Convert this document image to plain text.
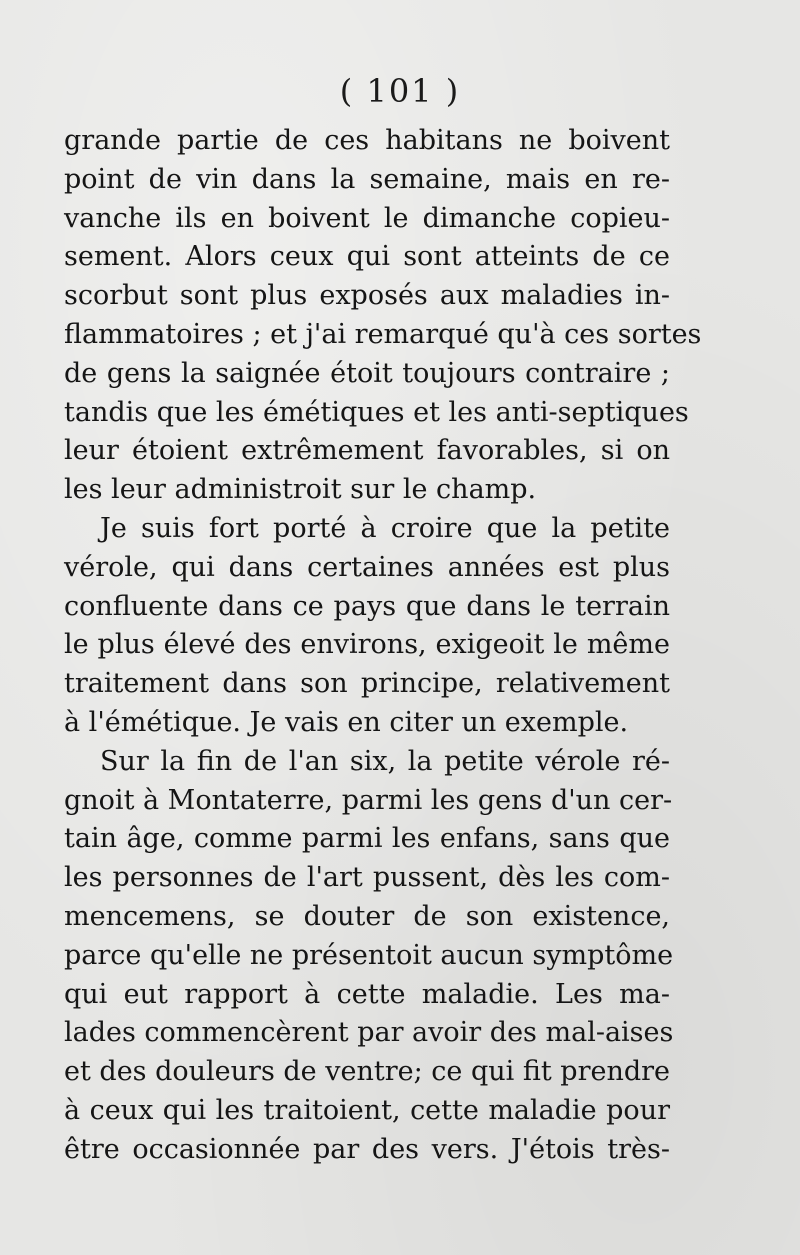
( 101 )
grande partie de ces habitans ne boivent
point de vin dans la semaine, mais en re-
vanche ils en boivent le dimanche copieu-
sement. Alors ceux qui sont atteints de ce
scorbut sont plus exposés aux maladies in-
flammatoires ; et j'ai remarqué qu'à ces sortes
de gens la saignée étoit toujours contraire ;
tandis que les émétiques et les anti-septiques
leur étoient extrêmement favorables, si on
les leur administroit sur le champ.
Je suis fort porté à croire que la petite
vérole, qui dans certaines années est plus
confluente dans ce pays que dans le terrain
le plus élevé des environs, exigeoit le même
traitement dans son principe, relativement
à l'émétique. Je vais en citer un exemple.
Sur la fin de l'an six, la petite vérole ré-
gnoit à Montaterre, parmi les gens d'un cer-
tain âge, comme parmi les enfans, sans que
les personnes de l'art pussent, dès les com-
mencemens, se douter de son existence,
parce qu'elle ne présentoit aucun symptôme
qui eut rapport à cette maladie. Les ma-
lades commencèrent par avoir des mal-aises
et des douleurs de ventre; ce qui fit prendre
à ceux qui les traitoient, cette maladie pour
être occasionnée par des vers. J'étois très-
